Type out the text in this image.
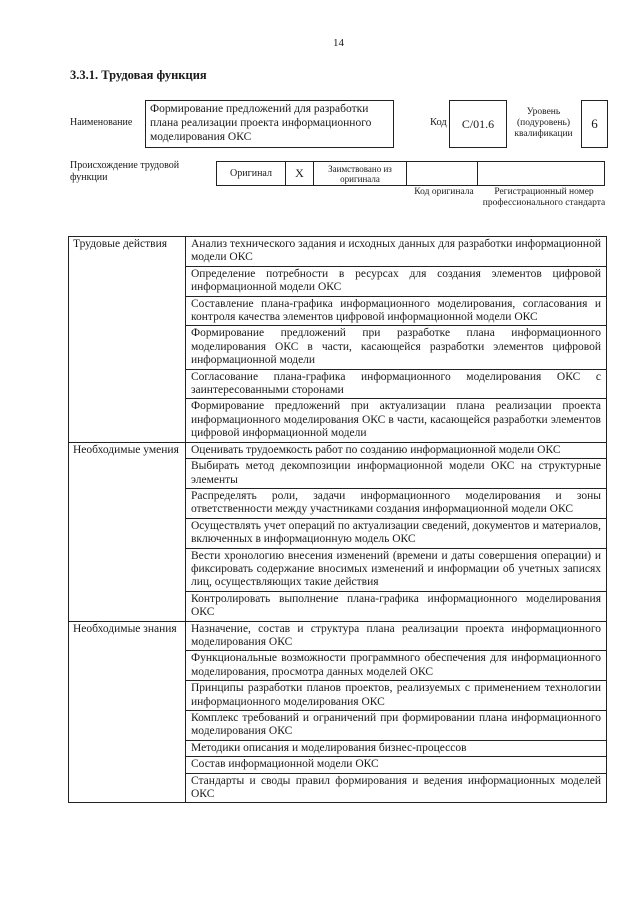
14
3.3.1. Трудовая функция
Наименование
Формирование предложений для разработки плана реализации проекта информационного моделирования ОКС
Код	C/01.6
Уровень (подуровень) квалификации
6
Происхождение трудовой функции	Оригинал	X	Заимствовано из оригинала
Код оригинала	Регистрационный номер профессионального стандарта
Трудовые действия	Анализ технического задания и исходных данных для разработки информационной модели ОКС
	Определение потребности в ресурсах для создания элементов цифровой информационной модели ОКС
	Составление плана-графика информационного моделирования, согласования и контроля качества элементов цифровой информационной модели ОКС
	Формирование предложений при разработке плана информационного моделирования ОКС в части, касающейся разработки элементов цифровой информационной модели
	Согласование плана-графика информационного моделирования ОКС с заинтересованными сторонами
	Формирование предложений при актуализации плана реализации проекта информационного моделирования ОКС в части, касающейся разработки элементов цифровой информационной модели
Необходимые умения	Оценивать трудоемкость работ по созданию информационной модели ОКС
	Выбирать метод декомпозиции информационной модели ОКС на структурные элементы
	Распределять роли, задачи информационного моделирования и зоны ответственности между участниками создания информационной модели ОКС
	Осуществлять учет операций по актуализации сведений, документов и материалов, включенных в информационную модель ОКС
	Вести хронологию внесения изменений (времени и даты совершения операции) и фиксировать содержание вносимых изменений и информации об учетных записях лиц, осуществляющих такие действия
	Контролировать выполнение плана-графика информационного моделирования ОКС
Необходимые знания	Назначение, состав и структура плана реализации проекта информационного моделирования ОКС
	Функциональные возможности программного обеспечения для информационного моделирования, просмотра данных моделей ОКС
	Принципы разработки планов проектов, реализуемых с применением технологии информационного моделирования ОКС
	Комплекс требований и ограничений при формировании плана информационного моделирования ОКС
	Методики описания и моделирования бизнес-процессов
	Состав информационной модели ОКС
	Стандарты и своды правил формирования и ведения информационных моделей ОКС
